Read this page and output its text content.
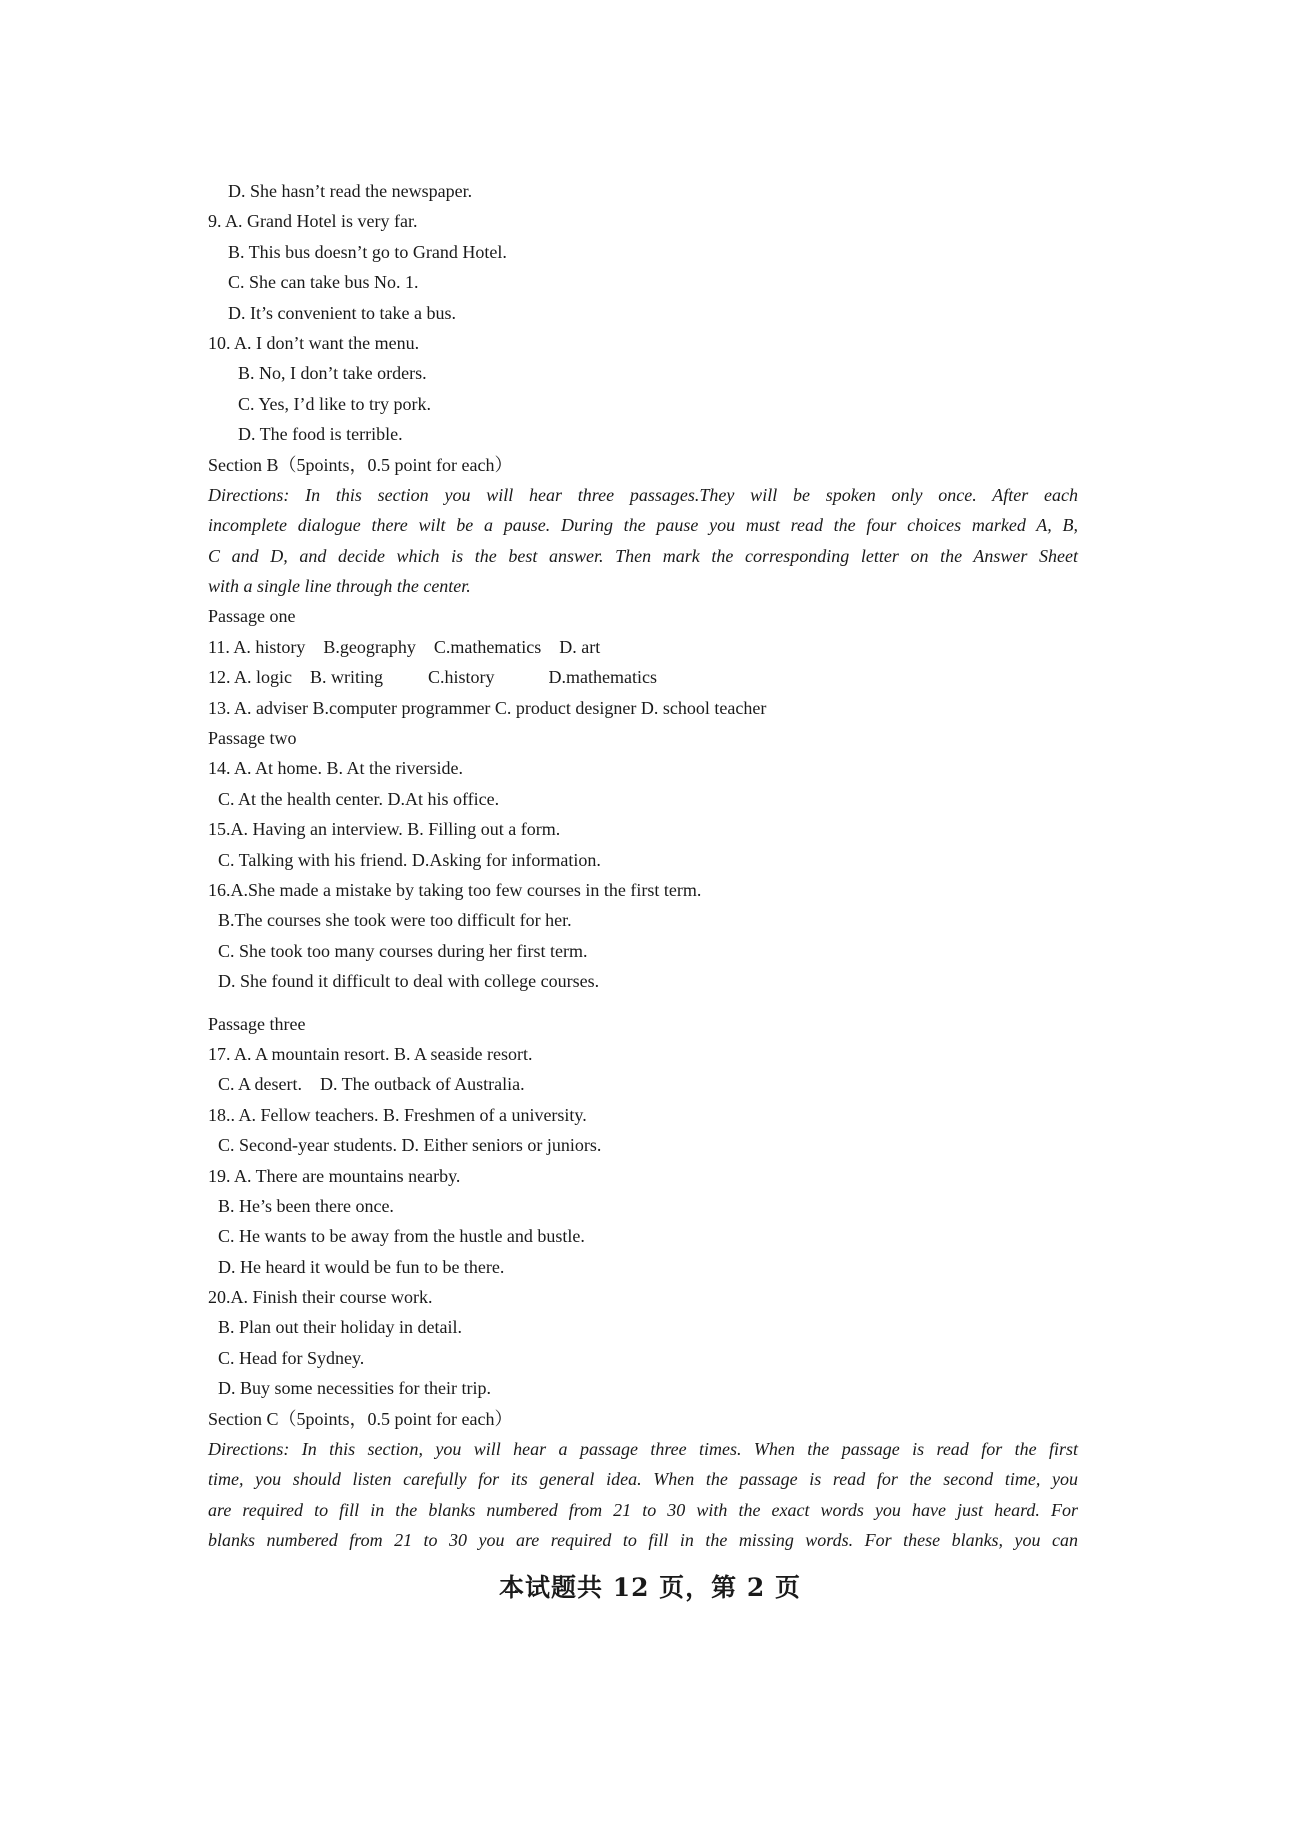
D. She hasn’t read the newspaper.
9. A. Grand Hotel is very far.
B. This bus doesn’t go to Grand Hotel.
C. She can take bus No. 1.
D. It’s convenient to take a bus.
10. A. I don’t want the menu.
B. No, I don’t take orders.
C. Yes, I’d like to try pork.
D. The food is terrible.
Section B（5points，0.5 point for each）
Directions: In this section you will hear three passages.They will be spoken only once. After each
incomplete dialogue there wilt be a pause. During the pause you must read the four choices marked A, B,
C and D, and decide which is the best answer. Then mark the corresponding letter on the Answer Sheet
with a single line through the center.
Passage one
11. A. history    B.geography    C.mathematics    D. art
12. A. logic    B. writing          C.history            D.mathematics
13. A. adviser B.computer programmer C. product designer D. school teacher
Passage two
14. A. At home. B. At the riverside.
C. At the health center. D.At his office.
15.A. Having an interview. B. Filling out a form.
C. Talking with his friend. D.Asking for information.
16.A.She made a mistake by taking too few courses in the first term.
B.The courses she took were too difficult for her.
C. She took too many courses during her first term.
D. She found it difficult to deal with college courses.
Passage three
17. A. A mountain resort. B. A seaside resort.
C. A desert.    D. The outback of Australia.
18.. A. Fellow teachers. B. Freshmen of a university.
C. Second-year students. D. Either seniors or juniors.
19. A. There are mountains nearby.
B. He’s been there once.
C. He wants to be away from the hustle and bustle.
D. He heard it would be fun to be there.
20.A. Finish their course work.
B. Plan out their holiday in detail.
C. Head for Sydney.
D. Buy some necessities for their trip.
Section C（5points，0.5 point for each）
Directions: In this section, you will hear a passage three times. When the passage is read for the first
time, you should listen carefully for its general idea. When the passage is read for the second time, you
are required to fill in the blanks numbered from 21 to 30 with the exact words you have just heard. For
blanks numbered from 21 to 30 you are required to fill in the missing words. For these blanks, you can
本试题共 12 页，第 2 页
